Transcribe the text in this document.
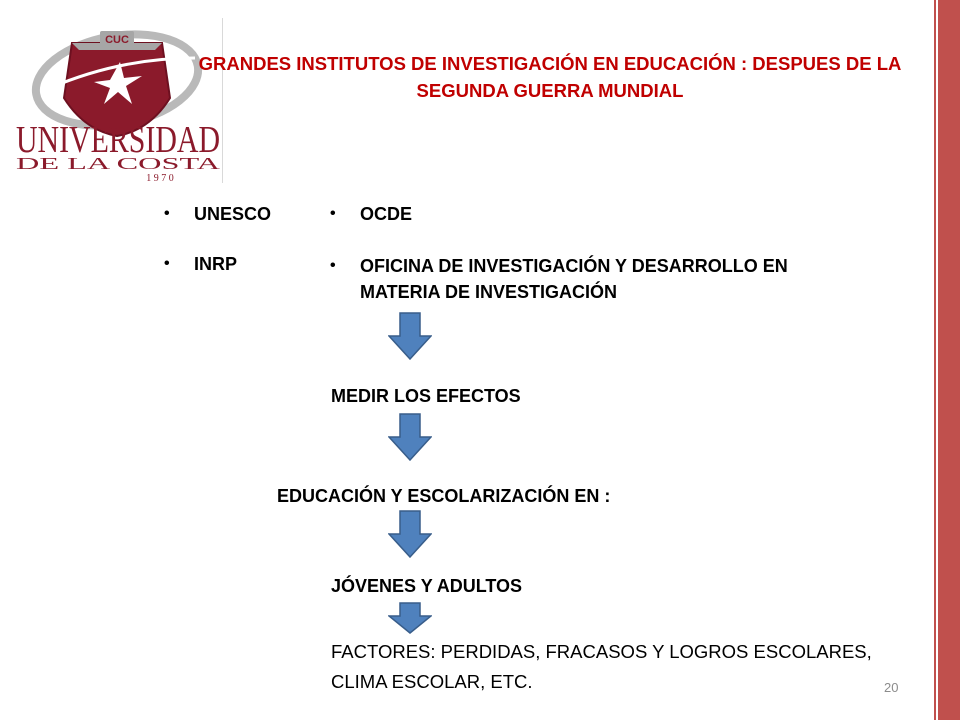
CUC
UNIVERSIDAD
DE LA COSTA
1 9 7 0
GRANDES INSTITUTOS DE INVESTIGACIÓN EN EDUCACIÓN : DESPUES DE LA SEGUNDA GUERRA MUNDIAL
•	UNESCO
•	INRP
•	OCDE
•	OFICINA DE INVESTIGACIÓN Y DESARROLLO EN MATERIA DE INVESTIGACIÓN
MEDIR LOS EFECTOS
EDUCACIÓN Y ESCOLARIZACIÓN EN :
JÓVENES Y ADULTOS
FACTORES: PERDIDAS, FRACASOS Y LOGROS ESCOLARES,
CLIMA ESCOLAR, ETC.	20
